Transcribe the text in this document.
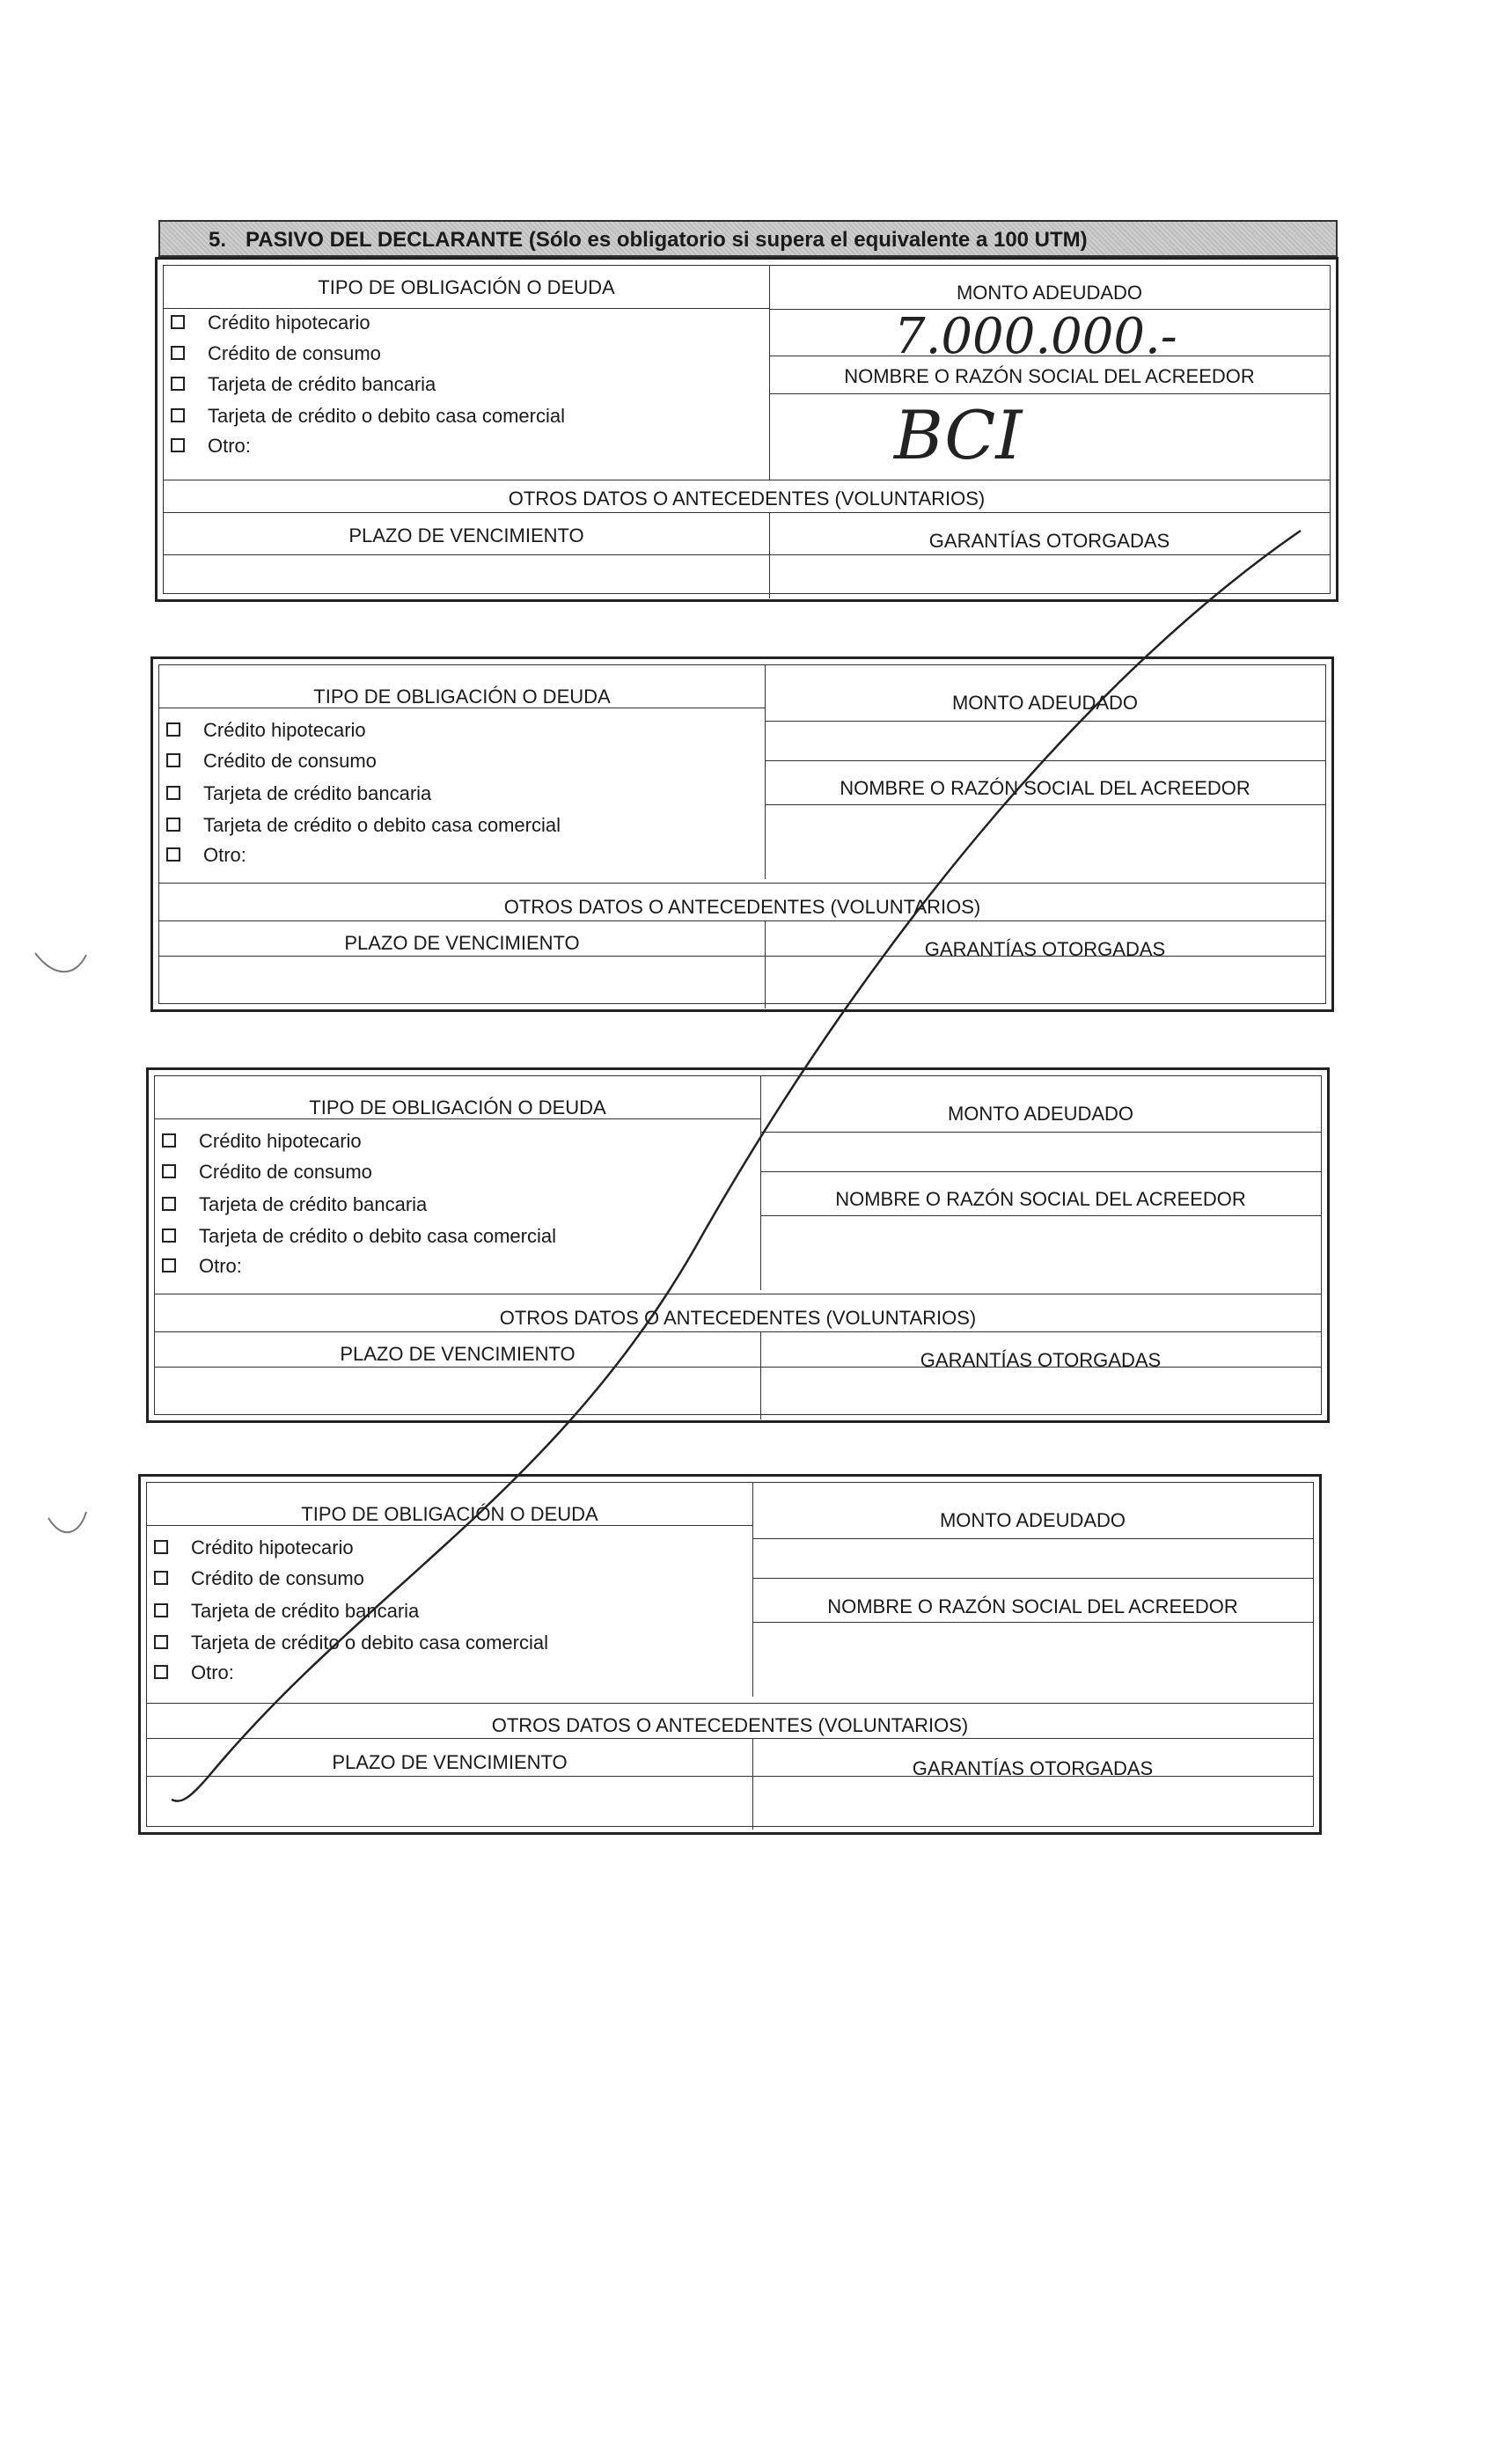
5. PASIVO DEL DECLARANTE (Sólo es obligatorio si supera el equivalente a 100 UTM)
TIPO DE OBLIGACIÓN O DEUDA	MONTO ADEUDADO
7.000.000.-
NOMBRE O RAZÓN SOCIAL DEL ACREEDOR
BCI
Crédito hipotecario
Crédito de consumo
Tarjeta de crédito bancaria
Tarjeta de crédito o debito casa comercial
Otro:
OTROS DATOS O ANTECEDENTES (VOLUNTARIOS)
PLAZO DE VENCIMIENTO	GARANTÍAS OTORGADAS
TIPO DE OBLIGACIÓN O DEUDA	MONTO ADEUDADO
NOMBRE O RAZÓN SOCIAL DEL ACREEDOR
Crédito hipotecario
Crédito de consumo
Tarjeta de crédito bancaria
Tarjeta de crédito o debito casa comercial
Otro:
OTROS DATOS O ANTECEDENTES (VOLUNTARIOS)
PLAZO DE VENCIMIENTO	GARANTÍAS OTORGADAS
TIPO DE OBLIGACIÓN O DEUDA	MONTO ADEUDADO
NOMBRE O RAZÓN SOCIAL DEL ACREEDOR
Crédito hipotecario
Crédito de consumo
Tarjeta de crédito bancaria
Tarjeta de crédito o debito casa comercial
Otro:
OTROS DATOS O ANTECEDENTES (VOLUNTARIOS)
PLAZO DE VENCIMIENTO	GARANTÍAS OTORGADAS
TIPO DE OBLIGACIÓN O DEUDA	MONTO ADEUDADO
NOMBRE O RAZÓN SOCIAL DEL ACREEDOR
Crédito hipotecario
Crédito de consumo
Tarjeta de crédito bancaria
Tarjeta de crédito o debito casa comercial
Otro:
OTROS DATOS O ANTECEDENTES (VOLUNTARIOS)
PLAZO DE VENCIMIENTO	GARANTÍAS OTORGADAS
